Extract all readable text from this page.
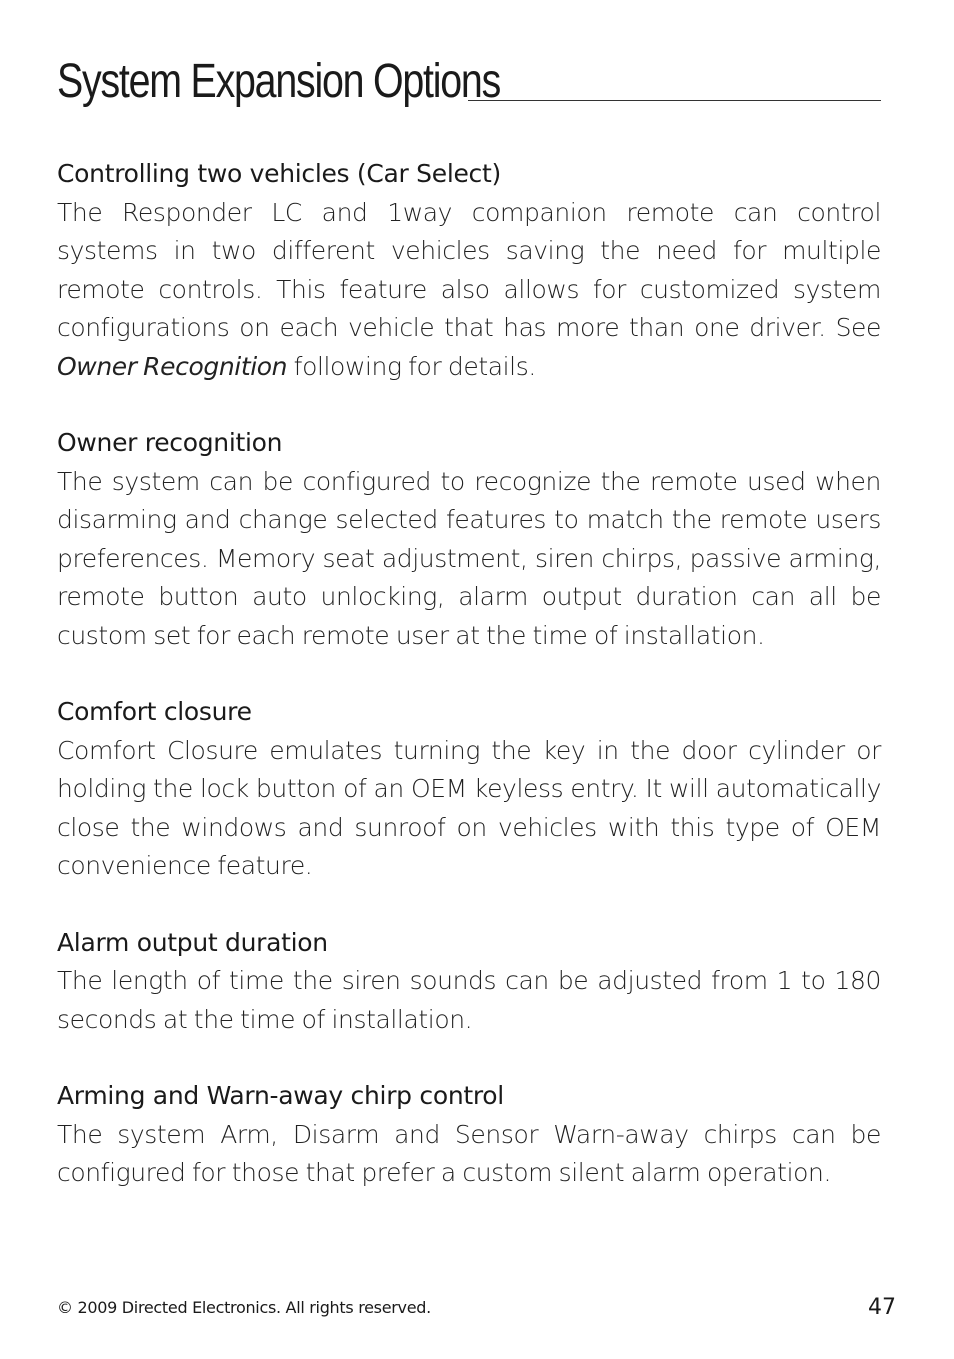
System Expansion Options
Controlling two vehicles (Car Select)

The Responder LC and 1way companion remote can control systems in two different vehicles saving the need for multiple remote controls. This feature also allows for customized system configurations on each vehicle that has more than one driver. See Owner Recognition following for details.

Owner recognition

The system can be configured to recognize the remote used when disarming and change selected features to match the remote users preferences. Memory seat adjustment, siren chirps, passive arming, remote button auto unlocking, alarm output duration can all be custom set for each remote user at the time of installation.

Comfort closure

Comfort Closure emulates turning the key in the door cylinder or holding the lock button of an OEM keyless entry. It will automatically close the windows and sunroof on vehicles with this type of OEM convenience feature.

Alarm output duration

The length of time the siren sounds can be adjusted from 1 to 180 seconds at the time of installation.

Arming and Warn-away chirp control

The system Arm, Disarm and Sensor Warn-away chirps can be configured for those that prefer a custom silent alarm operation.

© 2009 Directed Electronics. All rights reserved.	47
